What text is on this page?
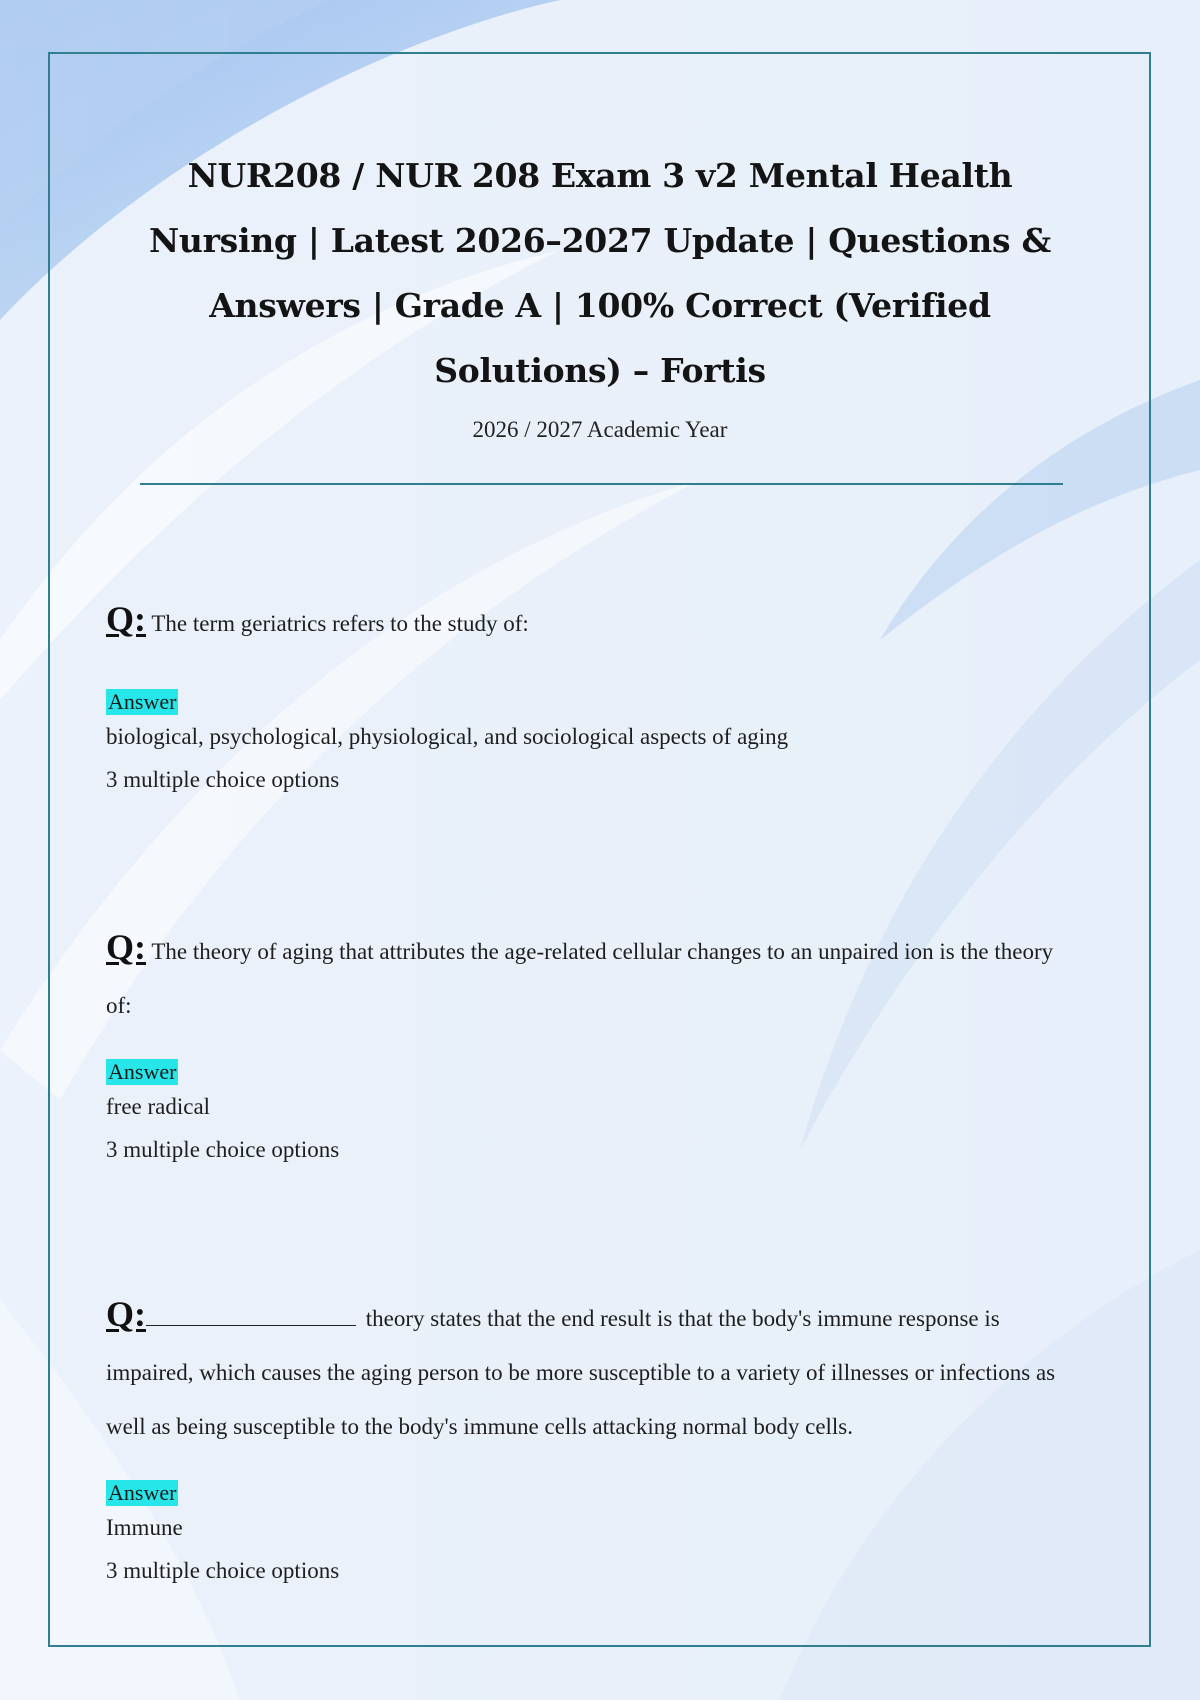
NUR208 / NUR 208 Exam 3 v2 Mental Health Nursing | Latest 2026–2027 Update | Questions & Answers | Grade A | 100% Correct (Verified Solutions) – Fortis
2026 / 2027 Academic Year
Q: The term geriatrics refers to the study of:
Answer
biological, psychological, physiological, and sociological aspects of aging
3 multiple choice options
Q: The theory of aging that attributes the age-related cellular changes to an unpaired ion is the theory of:
Answer
free radical
3 multiple choice options
Q:	theory states that the end result is that the body's immune response is impaired, which causes the aging person to be more susceptible to a variety of illnesses or infections as well as being susceptible to the body's immune cells attacking normal body cells.
Answer
Immune
3 multiple choice options
